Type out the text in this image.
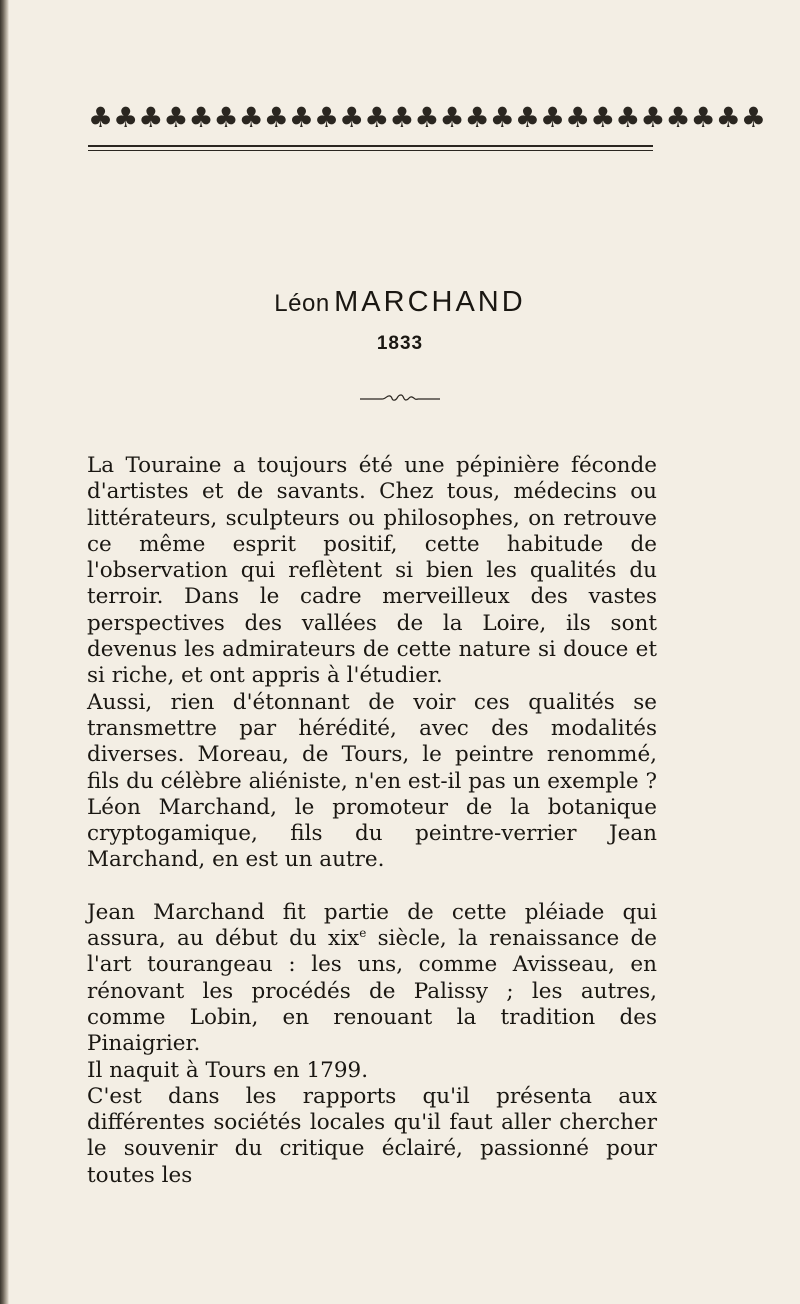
♣ ♣ ♣ ♣ ♣ ♣ ♣ ♣ ♣ ♣ ♣ ♣ ♣ ♣ ♣ ♣ ♣ ♣ ♣ ♣ ♣ ♣ ♣ ♣ ♣ ♣ ♣
Léon MARCHAND
1833

La Touraine a toujours été une pépinière féconde d'artistes et de savants. Chez tous, médecins ou littérateurs, sculpteurs ou philosophes, on retrouve ce même esprit positif, cette habitude de l'observation qui reflètent si bien les qualités du terroir. Dans le cadre merveilleux des vastes perspectives des vallées de la Loire, ils sont devenus les admirateurs de cette nature si douce et si riche, et ont appris à l'étudier.

Aussi, rien d'étonnant de voir ces qualités se transmettre par hérédité, avec des modalités diverses. Moreau, de Tours, le peintre renommé, fils du célèbre aliéniste, n'en est-il pas un exemple ? Léon Marchand, le promoteur de la botanique cryptogamique, fils du peintre-verrier Jean Marchand, en est un autre.

Jean Marchand fit partie de cette pléiade qui assura, au début du xix$^e$ siècle, la renaissance de l'art tourangeau : les uns, comme Avisseau, en rénovant les procédés de Palissy ; les autres, comme Lobin, en renouant la tradition des Pinaigrier.

Il naquit à Tours en 1799.

C'est dans les rapports qu'il présenta aux différentes sociétés locales qu'il faut aller chercher le souvenir du critique éclairé, passionné pour toutes les
